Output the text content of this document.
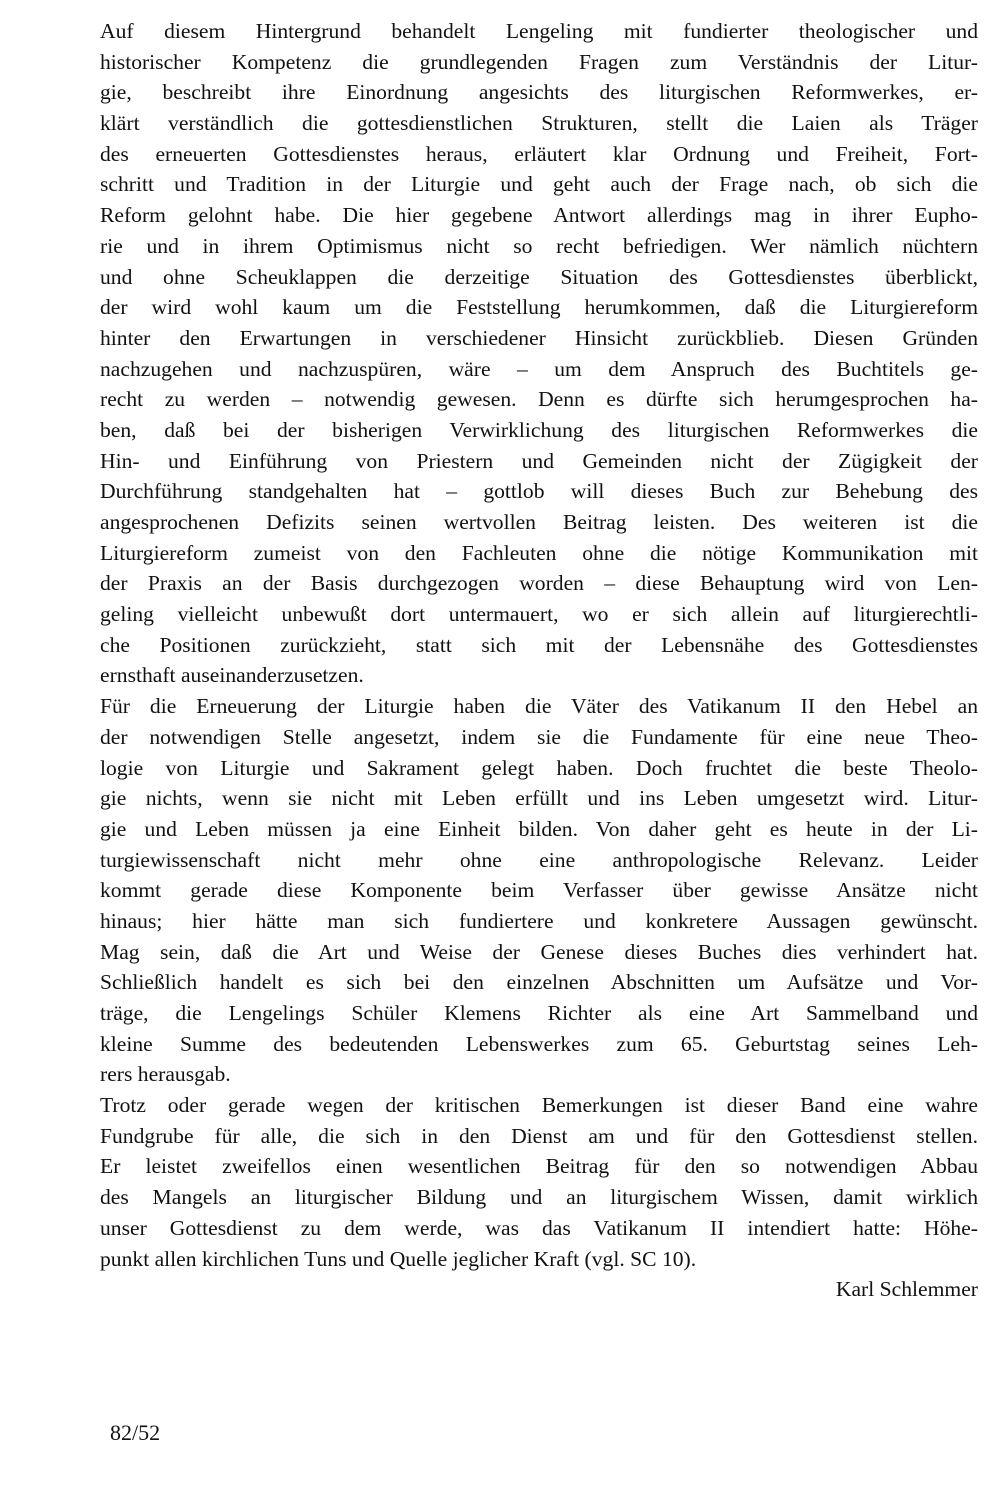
Auf diesem Hintergrund behandelt Lengeling mit fundierter theologischer und
historischer Kompetenz die grundlegenden Fragen zum Verständnis der Litur-
gie, beschreibt ihre Einordnung angesichts des liturgischen Reformwerkes, er-
klärt verständlich die gottesdienstlichen Strukturen, stellt die Laien als Träger
des erneuerten Gottesdienstes heraus, erläutert klar Ordnung und Freiheit, Fort-
schritt und Tradition in der Liturgie und geht auch der Frage nach, ob sich die
Reform gelohnt habe. Die hier gegebene Antwort allerdings mag in ihrer Eupho-
rie und in ihrem Optimismus nicht so recht befriedigen. Wer nämlich nüchtern
und ohne Scheuklappen die derzeitige Situation des Gottesdienstes überblickt,
der wird wohl kaum um die Feststellung herumkommen, daß die Liturgiereform
hinter den Erwartungen in verschiedener Hinsicht zurückblieb. Diesen Gründen
nachzugehen und nachzuspüren, wäre – um dem Anspruch des Buchtitels ge-
recht zu werden – notwendig gewesen. Denn es dürfte sich herumgesprochen ha-
ben, daß bei der bisherigen Verwirklichung des liturgischen Reformwerkes die
Hin- und Einführung von Priestern und Gemeinden nicht der Zügigkeit der
Durchführung standgehalten hat – gottlob will dieses Buch zur Behebung des
angesprochenen Defizits seinen wertvollen Beitrag leisten. Des weiteren ist die
Liturgiereform zumeist von den Fachleuten ohne die nötige Kommunikation mit
der Praxis an der Basis durchgezogen worden – diese Behauptung wird von Len-
geling vielleicht unbewußt dort untermauert, wo er sich allein auf liturgierechtli-
che Positionen zurückzieht, statt sich mit der Lebensnähe des Gottesdienstes
ernsthaft auseinanderzusetzen.
Für die Erneuerung der Liturgie haben die Väter des Vatikanum II den Hebel an
der notwendigen Stelle angesetzt, indem sie die Fundamente für eine neue Theo-
logie von Liturgie und Sakrament gelegt haben. Doch fruchtet die beste Theolo-
gie nichts, wenn sie nicht mit Leben erfüllt und ins Leben umgesetzt wird. Litur-
gie und Leben müssen ja eine Einheit bilden. Von daher geht es heute in der Li-
turgiewissenschaft nicht mehr ohne eine anthropologische Relevanz. Leider
kommt gerade diese Komponente beim Verfasser über gewisse Ansätze nicht
hinaus; hier hätte man sich fundiertere und konkretere Aussagen gewünscht.
Mag sein, daß die Art und Weise der Genese dieses Buches dies verhindert hat.
Schließlich handelt es sich bei den einzelnen Abschnitten um Aufsätze und Vor-
träge, die Lengelings Schüler Klemens Richter als eine Art Sammelband und
kleine Summe des bedeutenden Lebenswerkes zum 65. Geburtstag seines Leh-
rers herausgab.
Trotz oder gerade wegen der kritischen Bemerkungen ist dieser Band eine wahre
Fundgrube für alle, die sich in den Dienst am und für den Gottesdienst stellen.
Er leistet zweifellos einen wesentlichen Beitrag für den so notwendigen Abbau
des Mangels an liturgischer Bildung und an liturgischem Wissen, damit wirklich
unser Gottesdienst zu dem werde, was das Vatikanum II intendiert hatte: Höhe-
punkt allen kirchlichen Tuns und Quelle jeglicher Kraft (vgl. SC 10).
Karl Schlemmer
82/52
